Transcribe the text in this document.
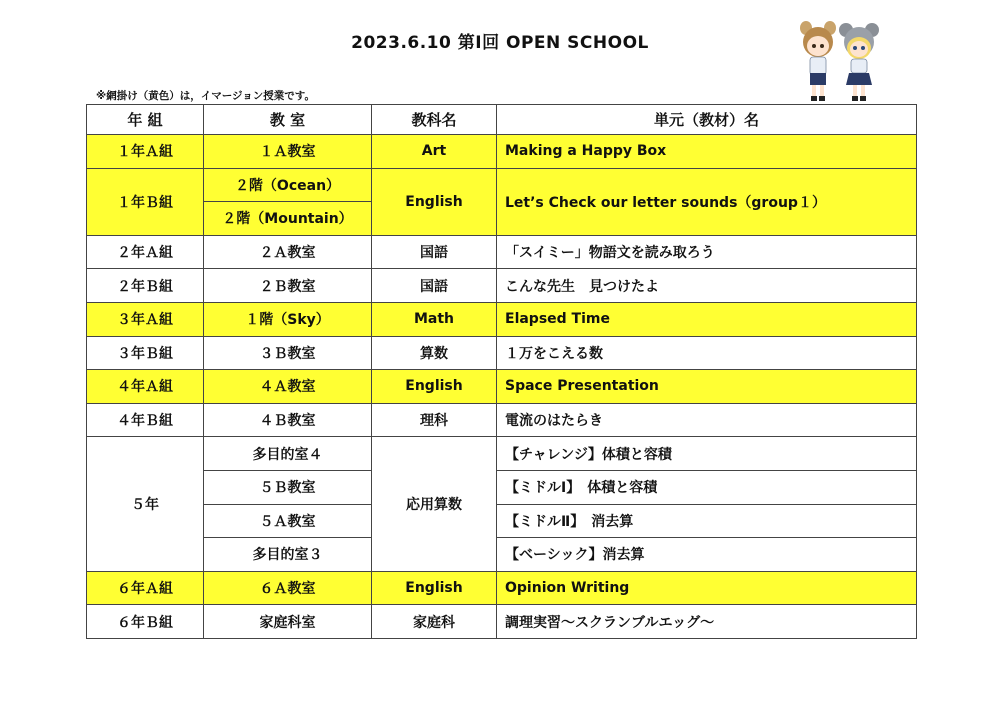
2023.6.10 第Ⅰ回 OPEN SCHOOL
※網掛け（黄色）は，イマージョン授業です。
年 組	教 室	教科名	単元（教材）名
１年Ａ組	１Ａ教室	Art	Making a Happy Box
１年Ｂ組	２階（Ocean）	English	Let’s Check our letter sounds（group１）
	２階（Mountain）		
２年Ａ組	２Ａ教室	国語	「スイミー」物語文を読み取ろう
２年Ｂ組	２Ｂ教室	国語	こんな先生　見つけたよ
３年Ａ組	１階（Sky）	Math	Elapsed Time
３年Ｂ組	３Ｂ教室	算数	１万をこえる数
４年Ａ組	４Ａ教室	English	Space Presentation
４年Ｂ組	４Ｂ教室	理科	電流のはたらき
５年	多目的室４	応用算数	【チャレンジ】体積と容積
	５Ｂ教室		【ミドルⅠ】　体積と容積
	５Ａ教室		【ミドルⅡ】　消去算
	多目的室３		【ベーシック】消去算
６年Ａ組	６Ａ教室	English	Opinion Writing
６年Ｂ組	家庭科室	家庭科	調理実習～スクランブルエッグ～
